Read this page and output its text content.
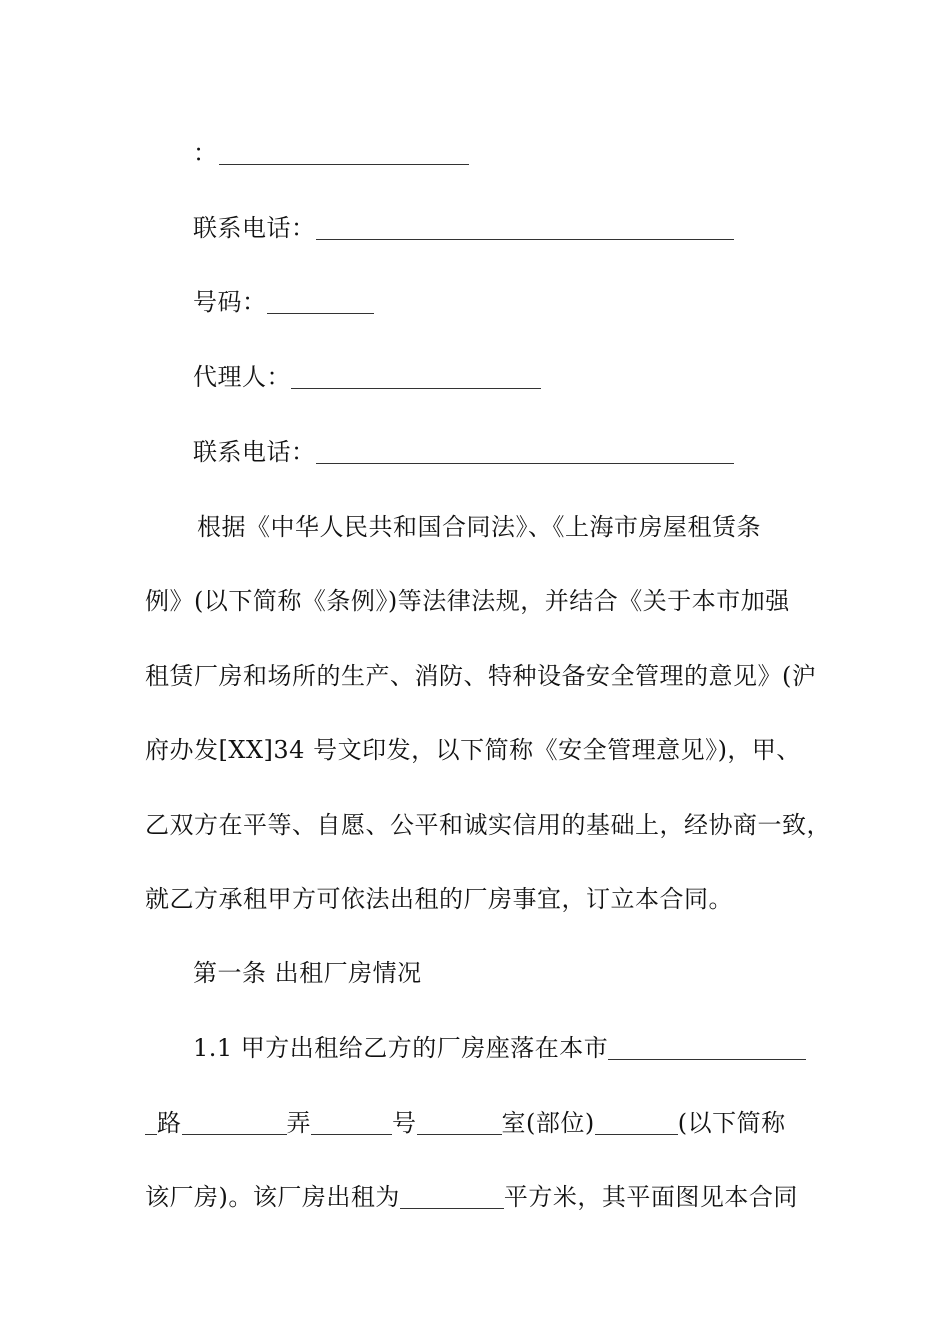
：
联系电话：
号码：
代理人：
联系电话：
根据《中华人民共和国合同法》、《上海市房屋租赁条
例》(以下简称《条例》)等法律法规，并结合《关于本市加强
租赁厂房和场所的生产、消防、特种设备安全管理的意见》(沪
府办发[XX]34 号文印发，以下简称《安全管理意见》)，甲、
乙双方在平等、自愿、公平和诚实信用的基础上，经协商一致，
就乙方承租甲方可依法出租的厂房事宜，订立本合同。
第一条 出租厂房情况
1.1 甲方出租给乙方的厂房座落在本市
路	弄	号	室(部位)	(以下简称
该厂房)。该厂房出租为	平方米，其平面图见本合同
